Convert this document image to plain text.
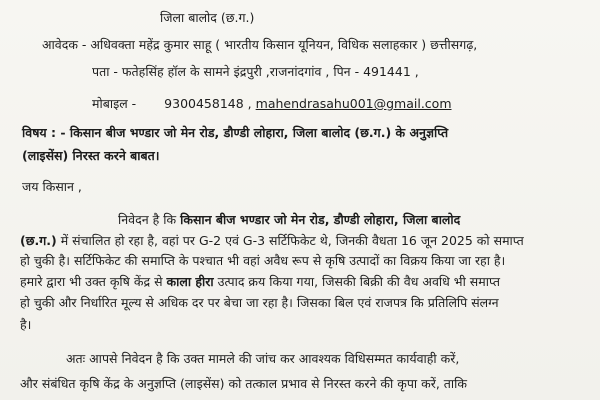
जिला बालोद (छ.ग.)
आवेदक - अधिवक्ता महेंद्र कुमार साहू ( भारतीय किसान यूनियन, विधिक सलाहकार ) छत्तीसगढ़,
पता - फतेहसिंह हॉल के सामने इंद्रपुरी ,राजनांदगांव , पिन - 491441 ,
मोबाइल - 9300458148 , mahendrasahu001@gmail.com
विषय : - किसान बीज भण्डार जो मेन रोड, डौण्डी लोहारा, जिला बालोद (छ.ग.) के अनुज्ञप्ति
(लाइसेंस) निरस्त करने बाबत।
जय किसान ,
निवेदन है कि किसान बीज भण्डार जो मेन रोड, डौण्डी लोहारा, जिला बालोद
(छ.ग.) में संचालित हो रहा है, वहां पर G-2 एवं G-3 सर्टिफिकेट थे, जिनकी वैधता 16 जून 2025 को समाप्त
हो चुकी है। सर्टिफिकेट की समाप्ति के पश्चात भी वहां अवैध रूप से कृषि उत्पादों का विक्रय किया जा रहा है।
हमारे द्वारा भी उक्त कृषि केंद्र से काला हीरा उत्पाद क्रय किया गया, जिसकी बिक्री की वैध अवधि भी समाप्त
हो चुकी और निर्धारित मूल्य से अधिक दर पर बेचा जा रहा है। जिसका बिल एवं राजपत्र कि प्रतिलिपि संलग्न
है।
अतः आपसे निवेदन है कि उक्त मामले की जांच कर आवश्यक विधिसम्मत कार्यवाही करें,
और संबंधित कृषि केंद्र के अनुज्ञप्ति (लाइसेंस) को तत्काल प्रभाव से निरस्त करने की कृपा करें, ताकि
